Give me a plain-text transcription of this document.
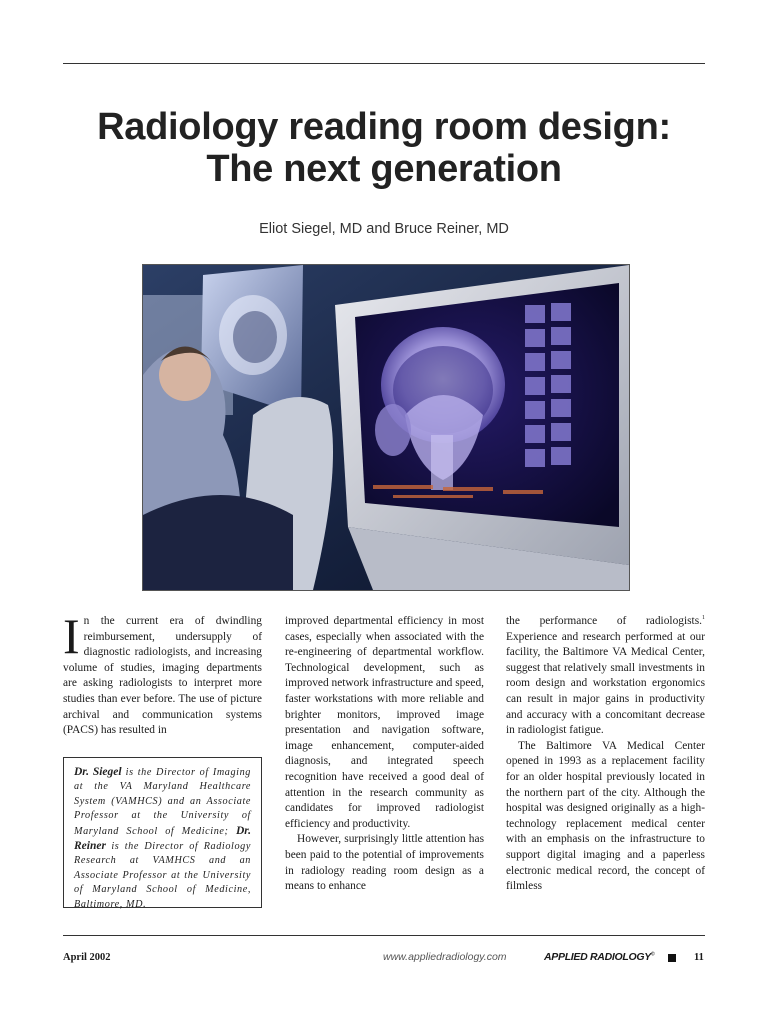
Radiology reading room design:
The next generation
Eliot Siegel, MD and Bruce Reiner, MD

In the current era of dwindling reimbursement, undersupply of diagnostic radiologists, and increasing volume of studies, imaging departments are asking radiologists to interpret more studies than ever before. The use of picture archival and communication systems (PACS) has resulted in

Dr. Siegel is the Director of Imaging at the VA Maryland Healthcare System (VAMHCS) and an Associate Professor at the University of Maryland School of Medicine; Dr. Reiner is the Director of Radiology Research at VAMHCS and an Associate Professor at the University of Maryland School of Medicine, Baltimore, MD.

improved departmental efficiency in most cases, especially when associated with the re-engineering of departmental workflow. Technological development, such as improved network infrastructure and speed, faster workstations with more reliable and brighter monitors, improved image presentation and navigation software, image enhancement, computer-aided diagnosis, and integrated speech recognition have received a good deal of attention in the research community as candidates for improved radiologist efficiency and productivity.

However, surprisingly little attention has been paid to the potential of improvements in radiology reading room design as a means to enhance

the performance of radiologists.$^1$ Experience and research performed at our facility, the Baltimore VA Medical Center, suggest that relatively small investments in room design and workstation ergonomics can result in major gains in productivity and accuracy with a concomitant decrease in radiologist fatigue.

The Baltimore VA Medical Center opened in 1993 as a replacement facility for an older hospital previously located in the northern part of the city. Although the hospital was designed originally as a high-technology replacement medical center with an emphasis on the infrastructure to support digital imaging and a paperless electronic medical record, the concept of filmless

April 2002	www.appliedradiology.com	APPLIED RADIOLOGY©	11
